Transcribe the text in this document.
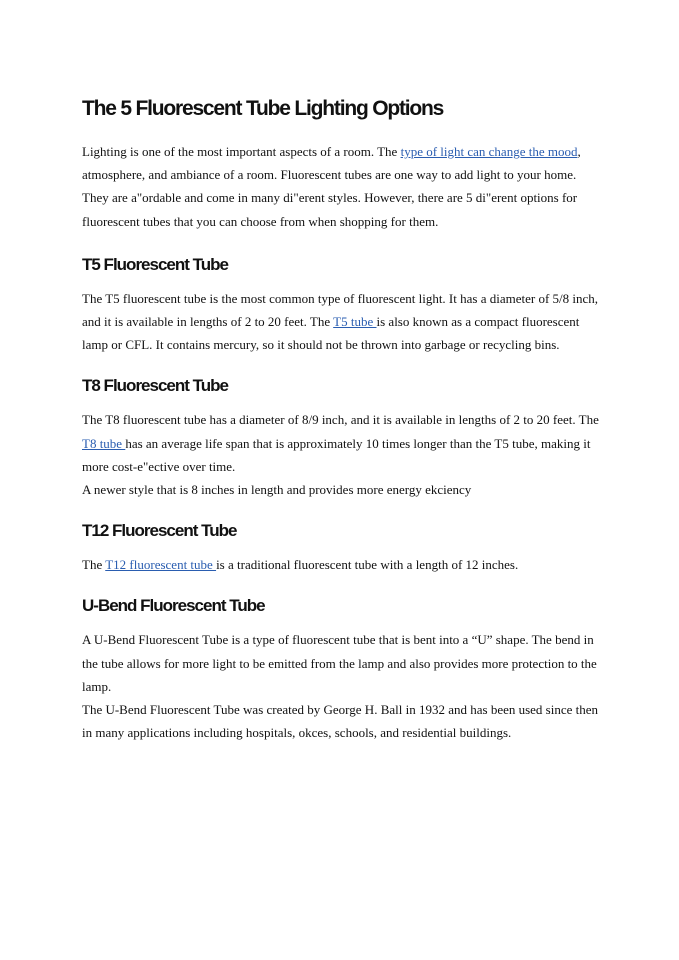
The 5 Fluorescent Tube Lighting Options

Lighting is one of the most important aspects of a room. The type of light can change the mood, atmosphere, and ambiance of a room. Fluorescent tubes are one way to add light to your home. They are a"ordable and come in many di"erent styles. However, there are 5 di"erent options for fluorescent tubes that you can choose from when shopping for them.

T5 Fluorescent Tube

The T5 fluorescent tube is the most common type of fluorescent light. It has a diameter of 5/8 inch, and it is available in lengths of 2 to 20 feet. The T5 tube is also known as a compact fluorescent lamp or CFL. It contains mercury, so it should not be thrown into garbage or recycling bins.

T8 Fluorescent Tube

The T8 fluorescent tube has a diameter of 8/9 inch, and it is available in lengths of 2 to 20 feet. The T8 tube has an average life span that is approximately 10 times longer than the T5 tube, making it more cost-e"ective over time.

A newer style that is 8 inches in length and provides more energy ekciency

T12 Fluorescent Tube

The T12 fluorescent tube is a traditional fluorescent tube with a length of 12 inches.

U-Bend Fluorescent Tube

A U-Bend Fluorescent Tube is a type of fluorescent tube that is bent into a “U” shape. The bend in the tube allows for more light to be emitted from the lamp and also provides more protection to the lamp.

The U-Bend Fluorescent Tube was created by George H. Ball in 1932 and has been used since then in many applications including hospitals, okces, schools, and residential buildings.
